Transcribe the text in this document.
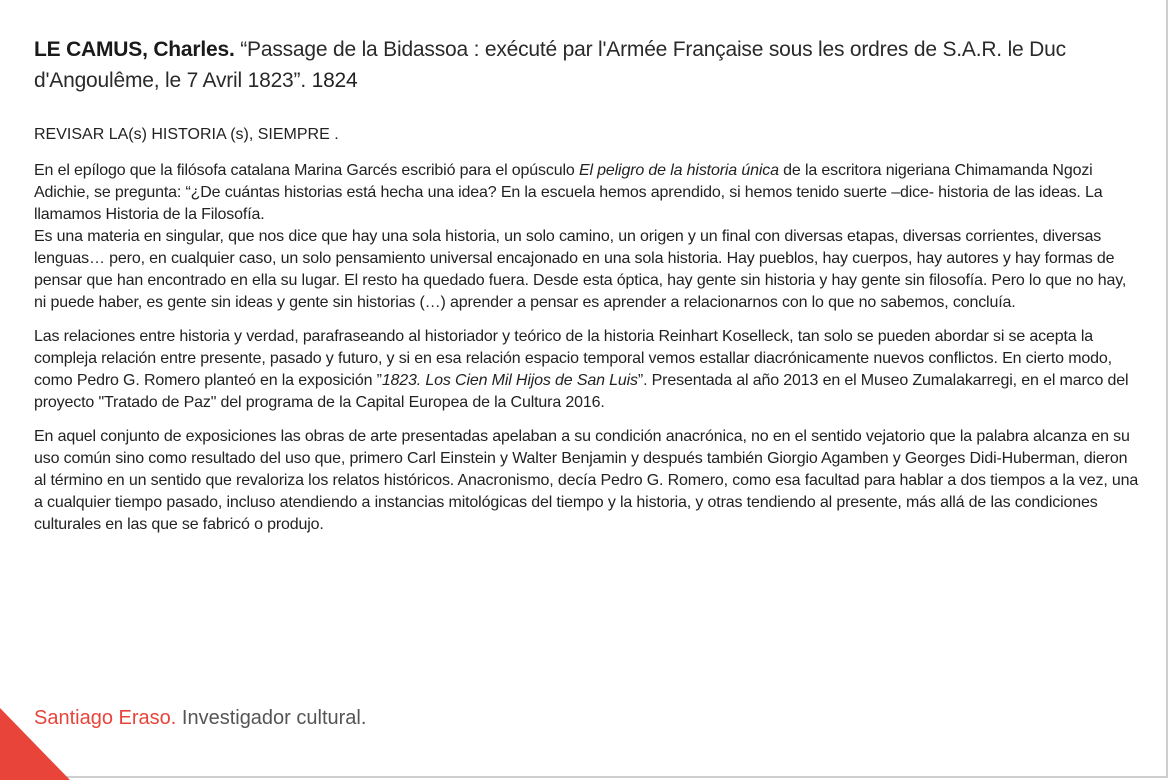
LE CAMUS, Charles. “Passage de la Bidassoa : exécuté par l'Armée Française sous les ordres de S.A.R. le Duc d'Angoulême, le 7 Avril 1823”. 1824
REVISAR LA(s) HISTORIA (s), SIEMPRE .

En el epílogo que la filósofa catalana Marina Garcés escribió para el opúsculo El peligro de la historia única de la escritora nigeriana Chimamanda Ngozi Adichie, se pregunta: “¿De cuántas historias está hecha una idea? En la escuela hemos aprendido, si hemos tenido suerte –dice- historia de las ideas. La llamamos Historia de la Filosofía.
Es una materia en singular, que nos dice que hay una sola historia, un solo camino, un origen y un final con diversas etapas, diversas corrientes, diversas lenguas… pero, en cualquier caso, un solo pensamiento universal encajonado en una sola historia. Hay pueblos, hay cuerpos, hay autores y hay formas de pensar que han encontrado en ella su lugar. El resto ha quedado fuera. Desde esta óptica, hay gente sin historia y hay gente sin filosofía. Pero lo que no hay, ni puede haber, es gente sin ideas y gente sin historias (…) aprender a pensar es aprender a relacionarnos con lo que no sabemos, concluía.

Las relaciones entre historia y verdad, parafraseando al historiador y teórico de la historia Reinhart Koselleck, tan solo se pueden abordar si se acepta la compleja relación entre presente, pasado y futuro, y si en esa relación espacio temporal vemos estallar diacrónicamente nuevos conflictos. En cierto modo, como Pedro G. Romero planteó en la exposición ”1823. Los Cien Mil Hijos de San Luis”. Presentada al año 2013 en el Museo Zumalakarregi, en el marco del proyecto "Tratado de Paz" del programa de la Capital Europea de la Cultura 2016.

En aquel conjunto de exposiciones las obras de arte presentadas apelaban a su condición anacrónica, no en el sentido vejatorio que la palabra alcanza en su uso común sino como resultado del uso que, primero Carl Einstein y Walter Benjamin y después también Giorgio Agamben y Georges Didi-Huberman, dieron al término en un sentido que revaloriza los relatos históricos. Anacronismo, decía Pedro G. Romero, como esa facultad para hablar a dos tiempos a la vez, una a cualquier tiempo pasado, incluso atendiendo a instancias mitológicas del tiempo y la historia, y otras tendiendo al presente, más allá de las condiciones culturales en las que se fabricó o produjo.

Santiago Eraso. Investigador cultural.
